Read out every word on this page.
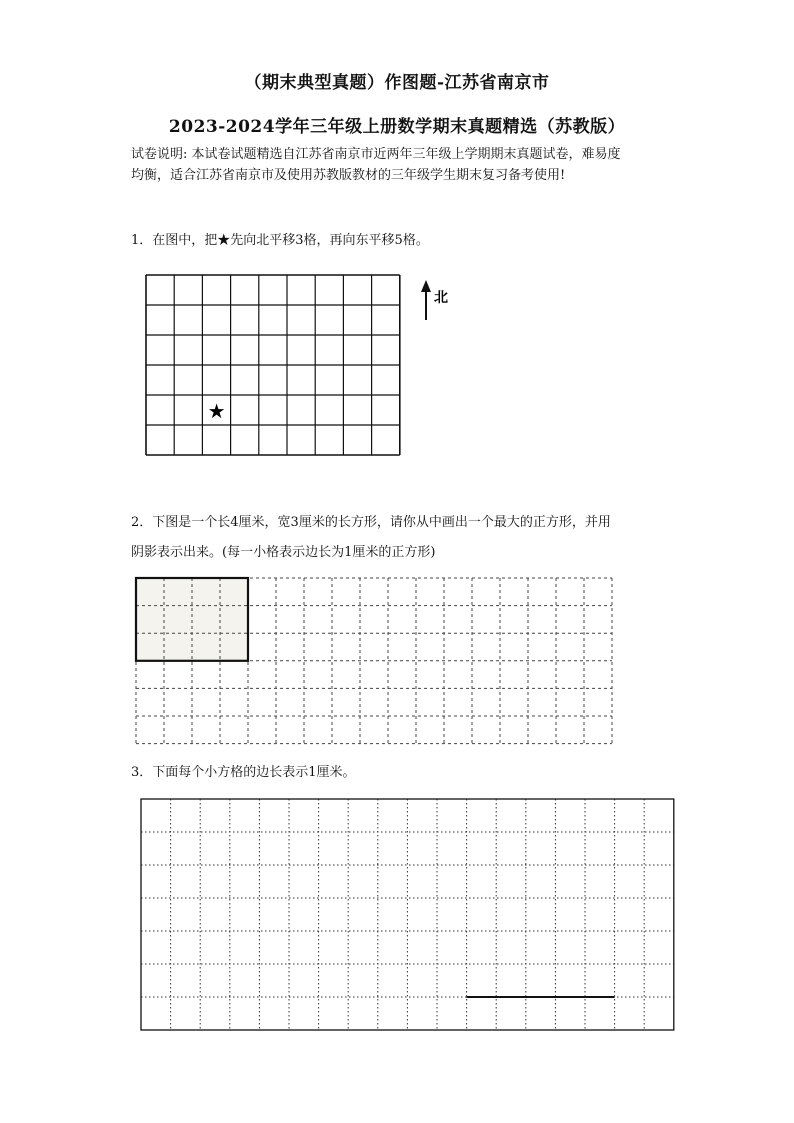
（期末典型真题）作图题-江苏省南京市
2023-2024学年三年级上册数学期末真题精选（苏教版）
试卷说明: 本试卷试题精选自江苏省南京市近两年三年级上学期期末真题试卷，难易度
均衡，适合江苏省南京市及使用苏教版教材的三年级学生期末复习备考使用!
1．在图中，把★先向北平移3格，再向东平移5格。
2．下图是一个长4厘米，宽3厘米的长方形，请你从中画出一个最大的正方形，并用
阴影表示出来。(每一小格表示边长为1厘米的正方形)
3．下面每个小方格的边长表示1厘米。
★
北
